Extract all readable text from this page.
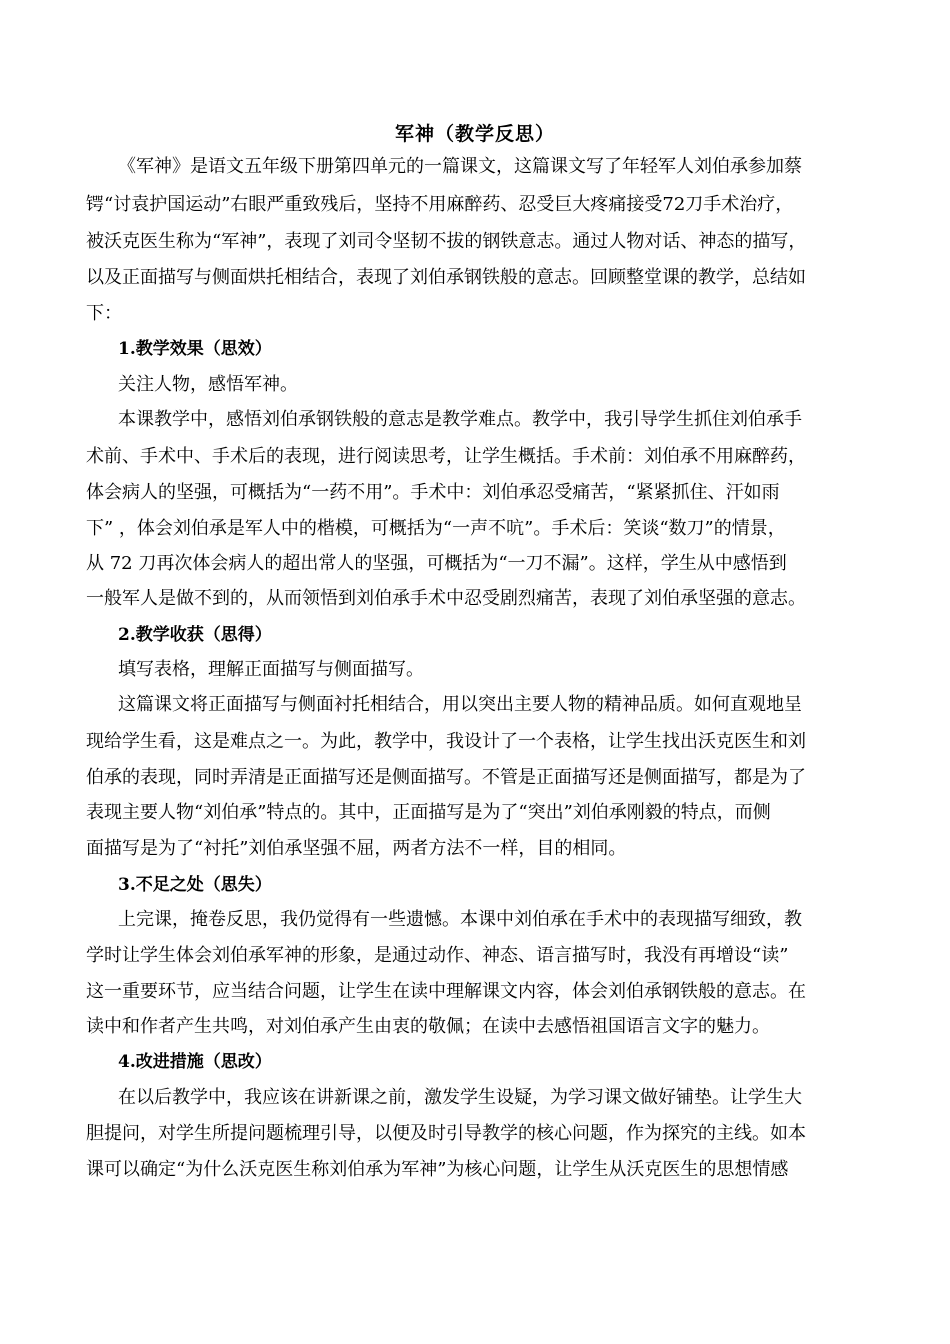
军神（教学反思）

《军神》是语文五年级下册第四单元的一篇课文，这篇课文写了年轻军人刘伯承参加蔡

锷“讨袁护国运动”右眼严重致残后，坚持不用麻醉药、忍受巨大疼痛接受72刀手术治疗，

被沃克医生称为“军神”，表现了刘司令坚韧不拔的钢铁意志。通过人物对话、神态的描写，

以及正面描写与侧面烘托相结合，表现了刘伯承钢铁般的意志。回顾整堂课的教学，总结如

下：

1.教学效果（思效）

关注人物，感悟军神。

本课教学中，感悟刘伯承钢铁般的意志是教学难点。教学中，我引导学生抓住刘伯承手

术前、手术中、手术后的表现，进行阅读思考，让学生概括。手术前：刘伯承不用麻醉药，

体会病人的坚强，可概括为“一药不用”。手术中：刘伯承忍受痛苦，“紧紧抓住、汗如雨

下” ，体会刘伯承是军人中的楷模，可概括为“一声不吭”。手术后：笑谈“数刀”的情景，

从 72 刀再次体会病人的超出常人的坚强，可概括为“一刀不漏”。这样，学生从中感悟到

一般军人是做不到的，从而领悟到刘伯承手术中忍受剧烈痛苦，表现了刘伯承坚强的意志。

2.教学收获（思得）

填写表格，理解正面描写与侧面描写。

这篇课文将正面描写与侧面衬托相结合，用以突出主要人物的精神品质。如何直观地呈

现给学生看，这是难点之一。为此，教学中，我设计了一个表格，让学生找出沃克医生和刘

伯承的表现，同时弄清是正面描写还是侧面描写。不管是正面描写还是侧面描写，都是为了

表现主要人物“刘伯承”特点的。其中，正面描写是为了“突出”刘伯承刚毅的特点，而侧

面描写是为了“衬托”刘伯承坚强不屈，两者方法不一样，目的相同。

3.不足之处（思失）

上完课，掩卷反思，我仍觉得有一些遗憾。本课中刘伯承在手术中的表现描写细致，教

学时让学生体会刘伯承军神的形象，是通过动作、神态、语言描写时，我没有再增设“读”

这一重要环节，应当结合问题，让学生在读中理解课文内容，体会刘伯承钢铁般的意志。在

读中和作者产生共鸣，对刘伯承产生由衷的敬佩；在读中去感悟祖国语言文字的魅力。

4.改进措施（思改）

在以后教学中，我应该在讲新课之前，激发学生设疑，为学习课文做好铺垫。让学生大

胆提问，对学生所提问题梳理引导，以便及时引导教学的核心问题，作为探究的主线。如本

课可以确定“为什么沃克医生称刘伯承为军神”为核心问题，让学生从沃克医生的思想情感
